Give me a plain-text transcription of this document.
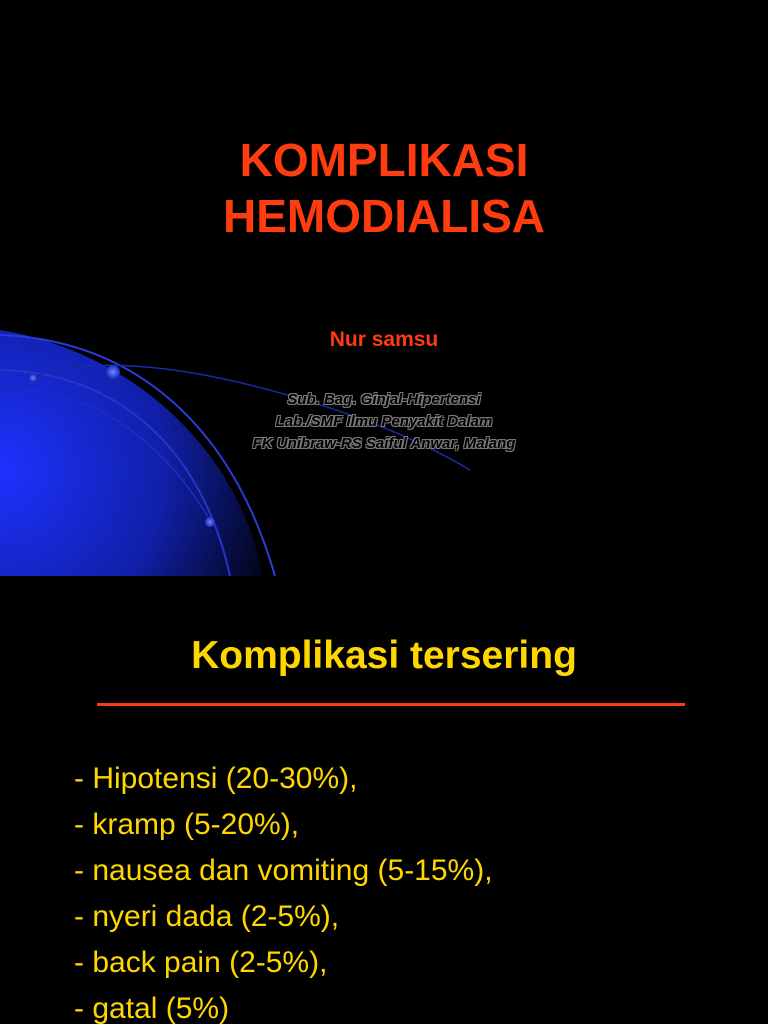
KOMPLIKASI
HEMODIALISA

Nur samsu

Sub. Bag. Ginjal-Hipertensi
Lab./SMF Ilmu Penyakit Dalam
FK Unibraw-RS Saiful Anwar, Malang

Komplikasi tersering
- Hipotensi (20-30%),
- kramp (5-20%),
- nausea dan vomiting (5-15%),
- nyeri dada (2-5%),
- back pain (2-5%),
- gatal (5%)
